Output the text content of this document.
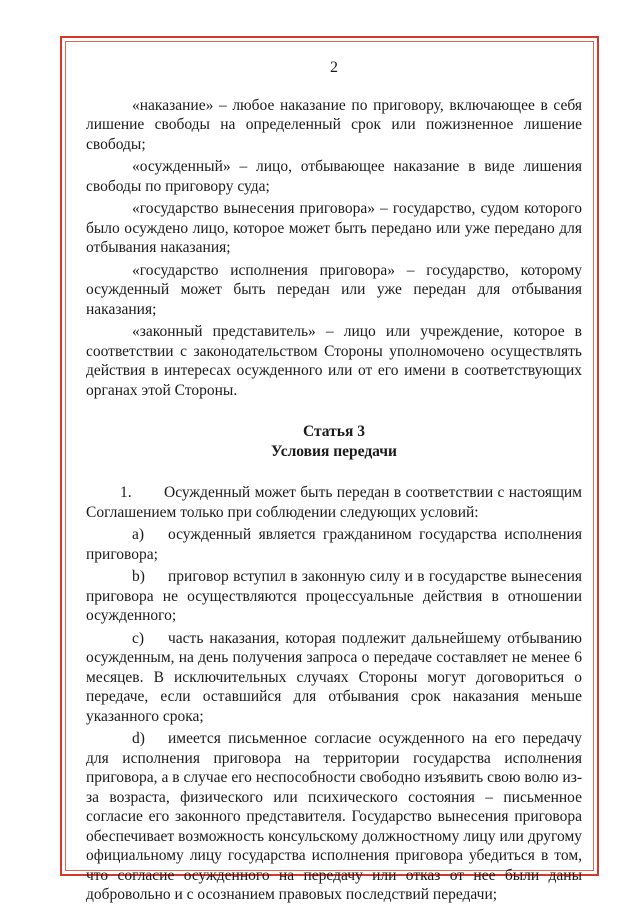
2

«наказание» – любое наказание по приговору, включающее в себя лишение свободы на определенный срок или пожизненное лишение свободы;

«осужденный» – лицо, отбывающее наказание в виде лишения свободы по приговору суда;

«государство вынесения приговора» – государство, судом которого было осуждено лицо, которое может быть передано или уже передано для отбывания наказания;

«государство исполнения приговора» – государство, которому осужденный может быть передан или уже передан для отбывания наказания;

«законный представитель» – лицо или учреждение, которое в соответствии с законодательством Стороны уполномочено осуществлять действия в интересах осужденного или от его имени в соответствующих органах этой Стороны.

Статья 3
Условия передачи
1. Осужденный может быть передан в соответствии с настоящим Соглашением только при соблюдении следующих условий:
a) осужденный является гражданином государства исполнения приговора;
b) приговор вступил в законную силу и в государстве вынесения приговора не осуществляются процессуальные действия в отношении осужденного;
c) часть наказания, которая подлежит дальнейшему отбыванию осужденным, на день получения запроса о передаче составляет не менее 6 месяцев. В исключительных случаях Стороны могут договориться о передаче, если оставшийся для отбывания срок наказания меньше указанного срока;
d) имеется письменное согласие осужденного на его передачу для исполнения приговора на территории государства исполнения приговора, а в случае его неспособности свободно изъявить свою волю из-за возраста, физического или психического состояния – письменное согласие его законного представителя. Государство вынесения приговора обеспечивает возможность консульскому должностному лицу или другому официальному лицу государства исполнения приговора убедиться в том, что согласие осужденного на передачу или отказ от нее были даны добровольно и с осознанием правовых последствий передачи;
